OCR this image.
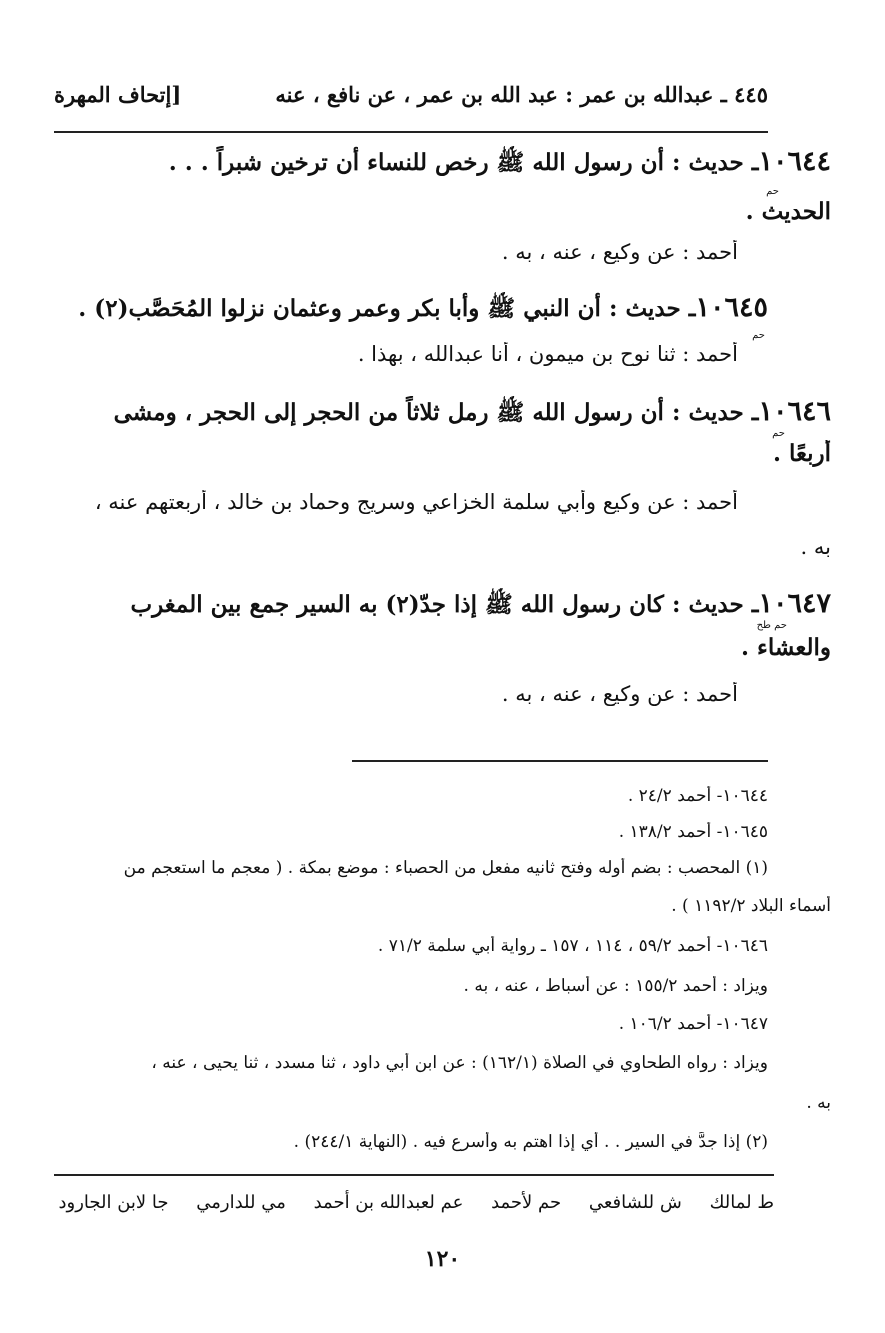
٤٤٥ ـ عبدالله بن عمر : عبد الله بن عمر ، عن نافع ، عنه
[إتحاف المهرة
١٠٦٤٤ـ حديث : أن رسول الله ﷺ رخص للنساء أن ترخين شبراً . . .
حم
الحديث .
أحمد : عن وكيع ، عنه ، به .
١٠٦٤٥ـ حديث : أن النبي ﷺ وأبا بكر وعمر وعثمان نزلوا المُحَصَّب(٢) .
حم
أحمد : ثنا نوح بن ميمون ، أنا عبدالله ، بهذا .
١٠٦٤٦ـ حديث : أن رسول الله ﷺ رمل ثلاثاً من الحجر إلى الحجر ، ومشى
حم
أربعًا .
أحمد : عن وكيع وأبي سلمة الخزاعي وسريج وحماد بن خالد ، أربعتهم عنه ،
به .
١٠٦٤٧ـ حديث : كان رسول الله ﷺ إذا جدّ(٢) به السير جمع بين المغرب
حم طح
والعشاء .
أحمد : عن وكيع ، عنه ، به .
١٠٦٤٤- أحمد ٢٤/٢ .
١٠٦٤٥- أحمد ١٣٨/٢ .
(١) المحصب : بضم أوله وفتح ثانيه مفعل من الحصباء : موضع بمكة . ( معجم ما استعجم من
أسماء البلاد ١١٩٢/٢ ) .
١٠٦٤٦- أحمد ٥٩/٢ ، ١١٤ ، ١٥٧ ـ رواية أبي سلمة ٧١/٢ .
ويزاد : أحمد ١٥٥/٢ : عن أسباط ، عنه ، به .
١٠٦٤٧- أحمد ١٠٦/٢ .
ويزاد : رواه الطحاوي في الصلاة (١٦٢/١) : عن ابن أبي داود ، ثنا مسدد ، ثنا يحيى ، عنه ،
به .
(٢) إذا جدَّ في السير . . أي إذا اهتم به وأسرع فيه . (النهاية ٢٤٤/١) .
ط لمالك ش للشافعي حم لأحمد عم لعبدالله بن أحمد مي للدارمي جا لابن الجارود
١٢٠
